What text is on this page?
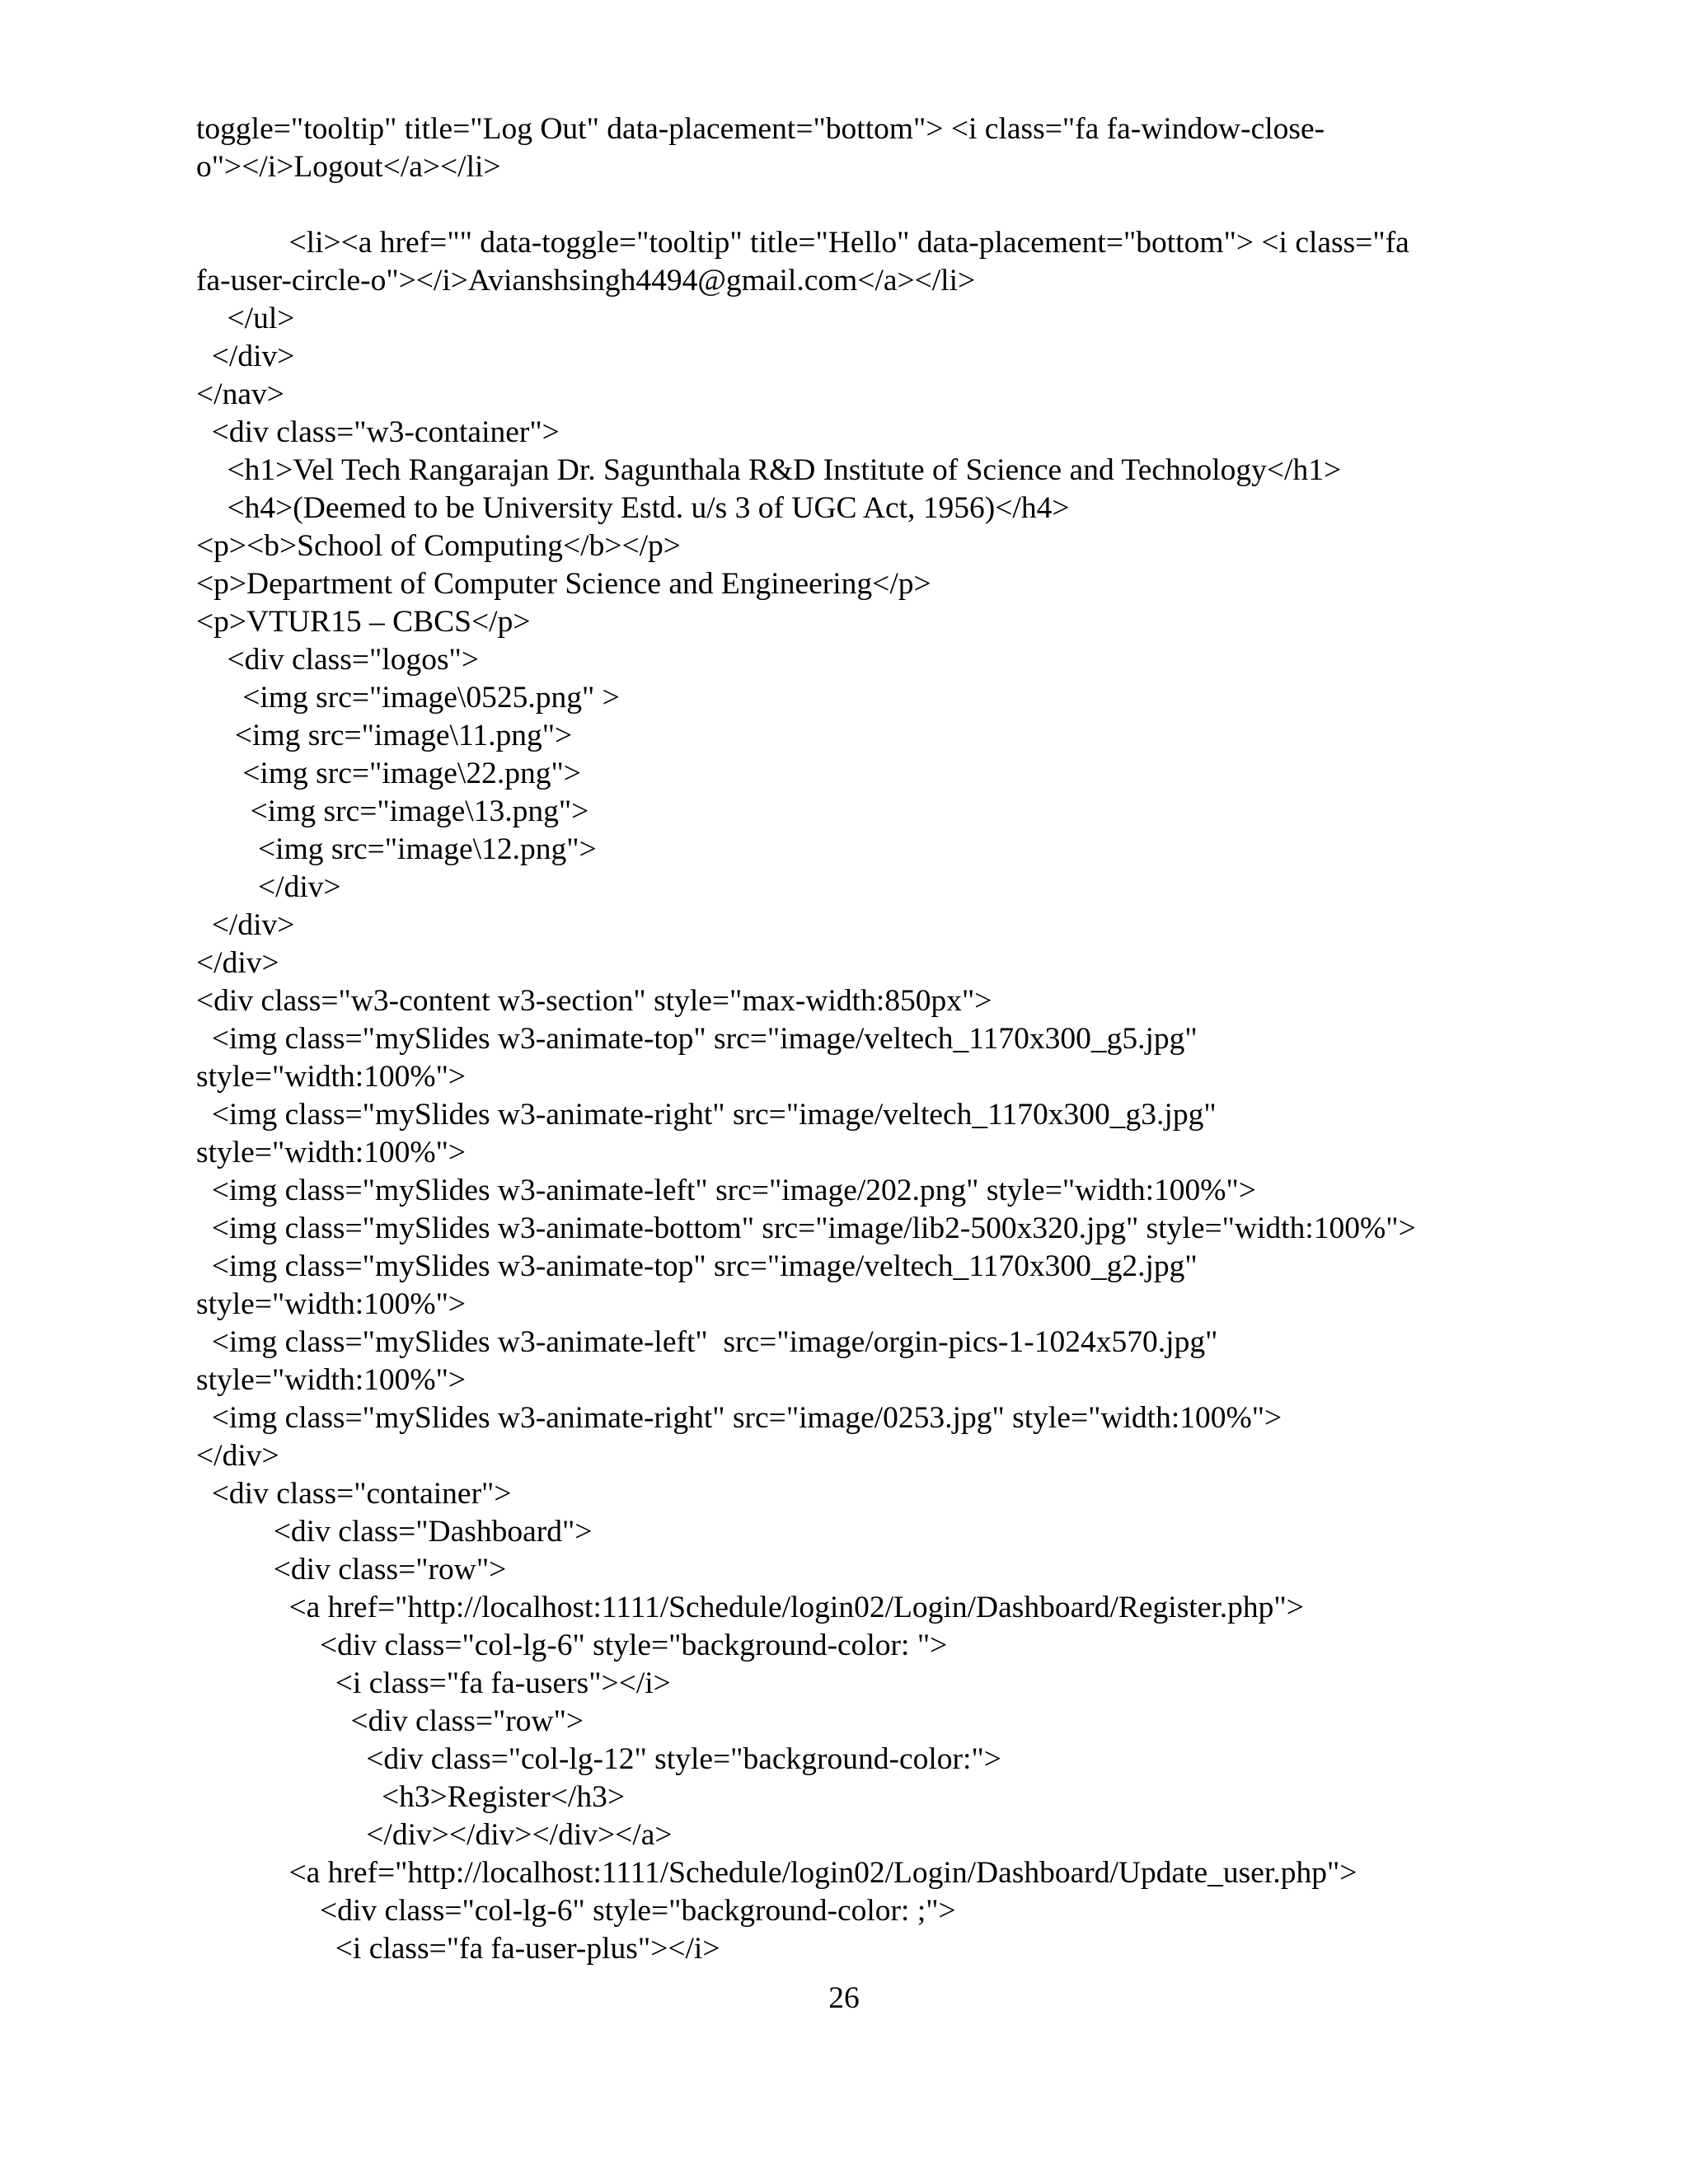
toggle="tooltip" title="Log Out" data-placement="bottom"> <i class="fa fa-window-close-
o"></i>Logout</a></li>
<li><a href="" data-toggle="tooltip" title="Hello" data-placement="bottom"> <i class="fa
fa-user-circle-o"></i>Avianshsingh4494@gmail.com</a></li>
</ul>
</div>
</nav>
<div class="w3-container">
<h1>Vel Tech Rangarajan Dr. Sagunthala R&D Institute of Science and Technology</h1>
<h4>(Deemed to be University Estd. u/s 3 of UGC Act, 1956)</h4>
<p><b>School of Computing</b></p>
<p>Department of Computer Science and Engineering</p>
<p>VTUR15 – CBCS</p>
<div class="logos">
<img src="image\0525.png" >
<img src="image\11.png">
<img src="image\22.png">
<img src="image\13.png">
<img src="image\12.png">
</div>
</div>
</div>
<div class="w3-content w3-section" style="max-width:850px">
<img class="mySlides w3-animate-top" src="image/veltech_1170x300_g5.jpg"
style="width:100%">
<img class="mySlides w3-animate-right" src="image/veltech_1170x300_g3.jpg"
style="width:100%">
<img class="mySlides w3-animate-left" src="image/202.png" style="width:100%">
<img class="mySlides w3-animate-bottom" src="image/lib2-500x320.jpg" style="width:100%">
<img class="mySlides w3-animate-top" src="image/veltech_1170x300_g2.jpg"
style="width:100%">
<img class="mySlides w3-animate-left"  src="image/orgin-pics-1-1024x570.jpg"
style="width:100%">
<img class="mySlides w3-animate-right" src="image/0253.jpg" style="width:100%">
</div>
<div class="container">
<div class="Dashboard">
<div class="row">
<a href="http://localhost:1111/Schedule/login02/Login/Dashboard/Register.php">
<div class="col-lg-6" style="background-color: ">
<i class="fa fa-users"></i>
<div class="row">
<div class="col-lg-12" style="background-color:">
<h3>Register</h3>
</div></div></div></a>
<a href="http://localhost:1111/Schedule/login02/Login/Dashboard/Update_user.php">
<div class="col-lg-6" style="background-color: ;">
<i class="fa fa-user-plus"></i>
26
